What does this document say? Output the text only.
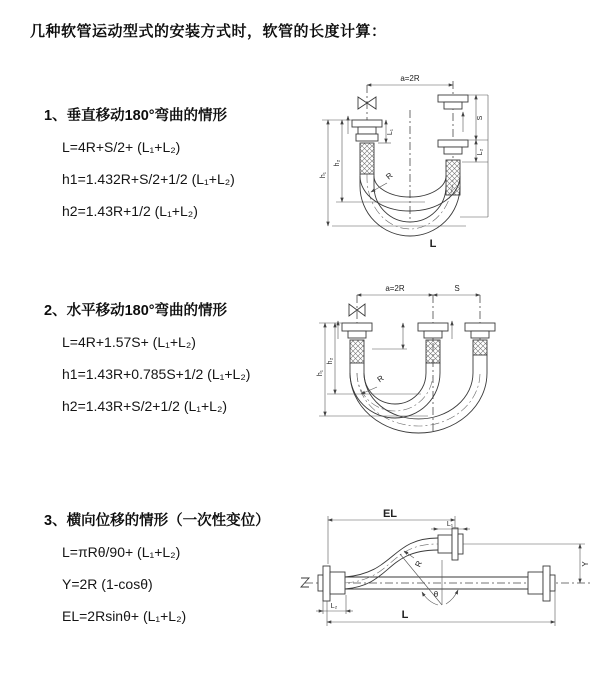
几种软管运动型式的安装方式时，软管的长度计算：
1、垂直移动180°弯曲的情形
L=4R+S/2+ (L₁+L₂)
h1=1.432R+S/2+1/2 (L₁+L₂)
h2=1.43R+1/2 (L₁+L₂)
2、水平移动180°弯曲的情形
L=4R+1.57S+ (L₁+L₂)
h1=1.43R+0.785S+1/2 (L₁+L₂)
h2=1.43R+S/2+1/2 (L₁+L₂)
3、横向位移的情形（一次性变位）
L=πRθ/90+ (L₁+L₂)
Y=2R (1-cosθ)
EL=2Rsinθ+ (L₁+L₂)
a=2R
L₁
S
L₂
h₂
h₁	R
L
a=2R	S
h₂
h₁
R
EL
L₁
Y
L
L₂
θ
R
